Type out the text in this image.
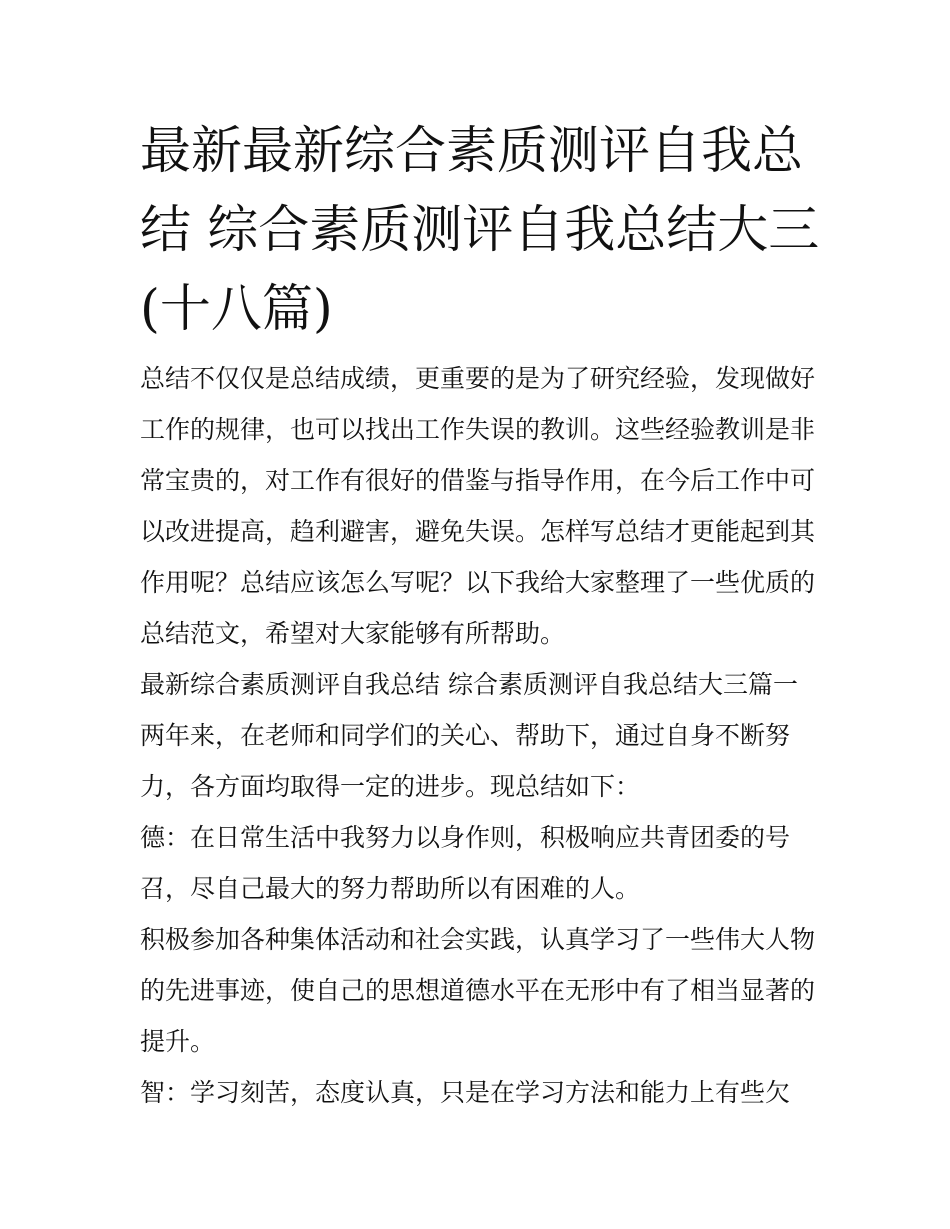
最新最新综合素质测评自我总
结 综合素质测评自我总结大三
(十八篇)
总结不仅仅是总结成绩，更重要的是为了研究经验，发现做好
工作的规律，也可以找出工作失误的教训。这些经验教训是非
常宝贵的，对工作有很好的借鉴与指导作用，在今后工作中可
以改进提高，趋利避害，避免失误。怎样写总结才更能起到其
作用呢？总结应该怎么写呢？以下我给大家整理了一些优质的
总结范文，希望对大家能够有所帮助。
最新综合素质测评自我总结 综合素质测评自我总结大三篇一
两年来，在老师和同学们的关心、帮助下，通过自身不断努
力，各方面均取得一定的进步。现总结如下：
德：在日常生活中我努力以身作则，积极响应共青团委的号
召，尽自己最大的努力帮助所以有困难的人。
积极参加各种集体活动和社会实践，认真学习了一些伟大人物
的先进事迹，使自己的思想道德水平在无形中有了相当显著的
提升。
智：学习刻苦，态度认真，只是在学习方法和能力上有些欠
